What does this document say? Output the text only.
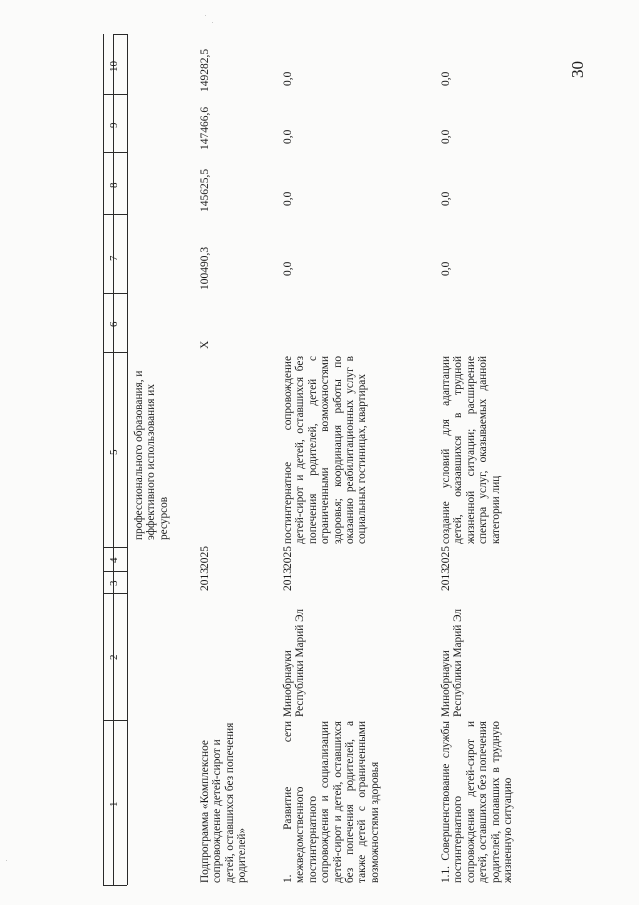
30
10
9
8
7
6
5
4
3
2
1
профессионального образования, и эффективного использования их ресурсов
Подпрограмма «Комплексное сопровождение детей-сирот и детей, оставшихся без попечения родителей»
2013
2025
Х
100490,3
145625,5
147466,6
149282,5
1. Развитие сети межведомственного постинтернатного сопровождения и социализации детей-сирот и детей, оставшихся без попечения родителей, а также детей с ограниченными возможностями здоровья
Минобрнауки Республики Марий Эл
2013
2025
постинтернатное сопровождение детей-сирот и детей, оставшихся без попечения родителей, детей с ограниченными возможностями здоровья; координация работы по оказанию реабилитационных услуг в социальных гостиницах, квартирах
0,0
0,0
0,0
0,0
1.1. Совершенствование службы постинтернатного сопровождения детей-сирот и детей, оставшихся без попечения родителей, попавших в трудную жизненную ситуацию
Минобрнауки Республики Марий Эл
2013
2025
создание условий для адаптации детей, оказавшихся в трудной жизненной ситуации; расширение спектра услуг, оказываемых данной категории лиц
0,0
0,0
0,0
0,0
